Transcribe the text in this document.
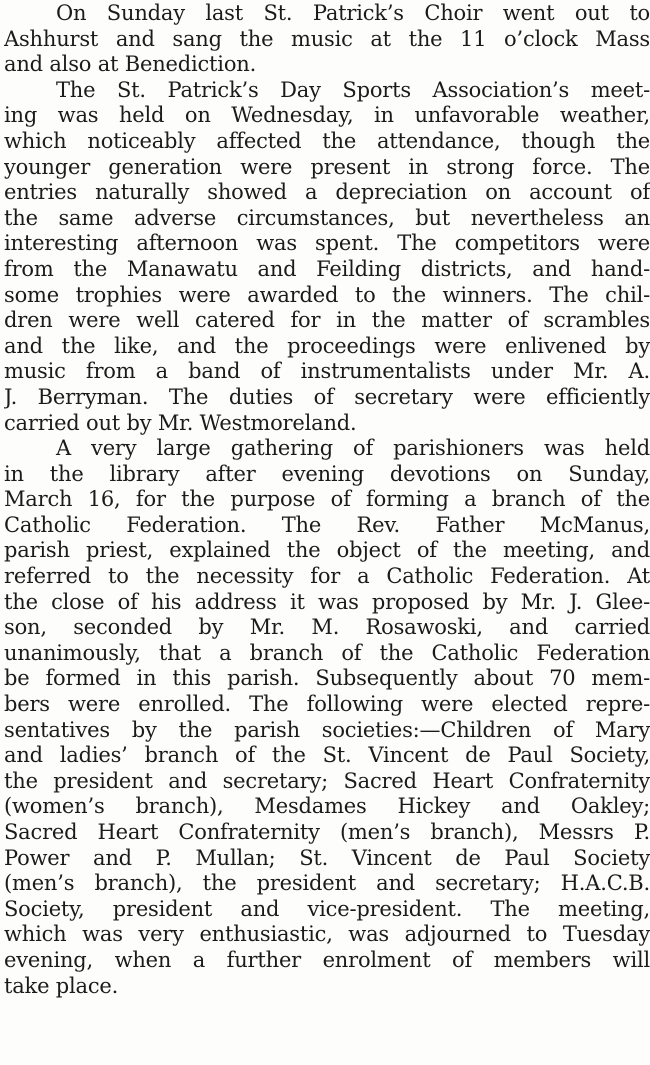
On Sunday last St. Patrick’s Choir went out to
Ashhurst and sang the music at the 11 o’clock Mass
and also at Benediction.
The St. Patrick’s Day Sports Association’s meet-
ing was held on Wednesday, in unfavorable weather,
which noticeably affected the attendance, though the
younger generation were present in strong force. The
entries naturally showed a depreciation on account of
the same adverse circumstances, but nevertheless an
interesting afternoon was spent. The competitors were
from the Manawatu and Feilding districts, and hand-
some trophies were awarded to the winners. The chil-
dren were well catered for in the matter of scrambles
and the like, and the proceedings were enlivened by
music from a band of instrumentalists under Mr. A.
J. Berryman. The duties of secretary were efficiently
carried out by Mr. Westmoreland.
A very large gathering of parishioners was held
in the library after evening devotions on Sunday,
March 16, for the purpose of forming a branch of the
Catholic Federation. The Rev. Father McManus,
parish priest, explained the object of the meeting, and
referred to the necessity for a Catholic Federation. At
the close of his address it was proposed by Mr. J. Glee-
son, seconded by Mr. M. Rosawoski, and carried
unanimously, that a branch of the Catholic Federation
be formed in this parish. Subsequently about 70 mem-
bers were enrolled. The following were elected repre-
sentatives by the parish societies:—Children of Mary
and ladies’ branch of the St. Vincent de Paul Society,
the president and secretary; Sacred Heart Confraternity
(women’s branch), Mesdames Hickey and Oakley;
Sacred Heart Confraternity (men’s branch), Messrs P.
Power and P. Mullan; St. Vincent de Paul Society
(men’s branch), the president and secretary; H.A.C.B.
Society, president and vice-president. The meeting,
which was very enthusiastic, was adjourned to Tuesday
evening, when a further enrolment of members will
take place.
